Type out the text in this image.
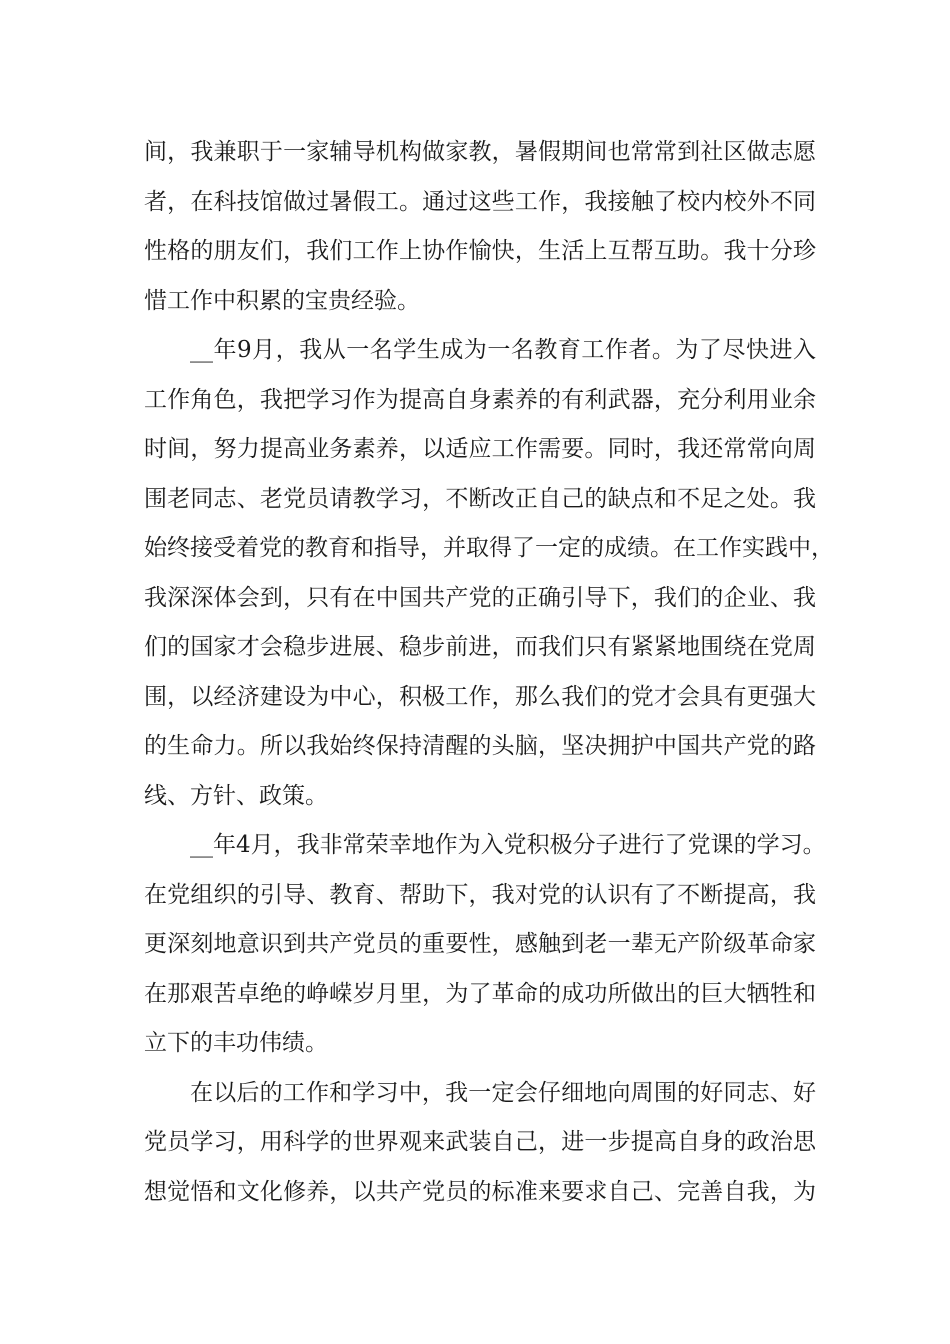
间，我兼职于一家辅导机构做家教，暑假期间也常常到社区做志愿
者，在科技馆做过暑假工。通过这些工作，我接触了校内校外不同
性格的朋友们，我们工作上协作愉快，生活上互帮互助。我十分珍
惜工作中积累的宝贵经验。
__年9月，我从一名学生成为一名教育工作者。为了尽快进入
工作角色，我把学习作为提高自身素养的有利武器，充分利用业余
时间，努力提高业务素养，以适应工作需要。同时，我还常常向周
围老同志、老党员请教学习，不断改正自己的缺点和不足之处。我
始终接受着党的教育和指导，并取得了一定的成绩。在工作实践中，
我深深体会到，只有在中国共产党的正确引导下，我们的企业、我
们的国家才会稳步进展、稳步前进，而我们只有紧紧地围绕在党周
围，以经济建设为中心，积极工作，那么我们的党才会具有更强大
的生命力。所以我始终保持清醒的头脑，坚决拥护中国共产党的路
线、方针、政策。
__年4月，我非常荣幸地作为入党积极分子进行了党课的学习。
在党组织的引导、教育、帮助下，我对党的认识有了不断提高，我
更深刻地意识到共产党员的重要性，感触到老一辈无产阶级革命家
在那艰苦卓绝的峥嵘岁月里，为了革命的成功所做出的巨大牺牲和
立下的丰功伟绩。
在以后的工作和学习中，我一定会仔细地向周围的好同志、好
党员学习，用科学的世界观来武装自己，进一步提高自身的政治思
想觉悟和文化修养，以共产党员的标准来要求自己、完善自我，为
